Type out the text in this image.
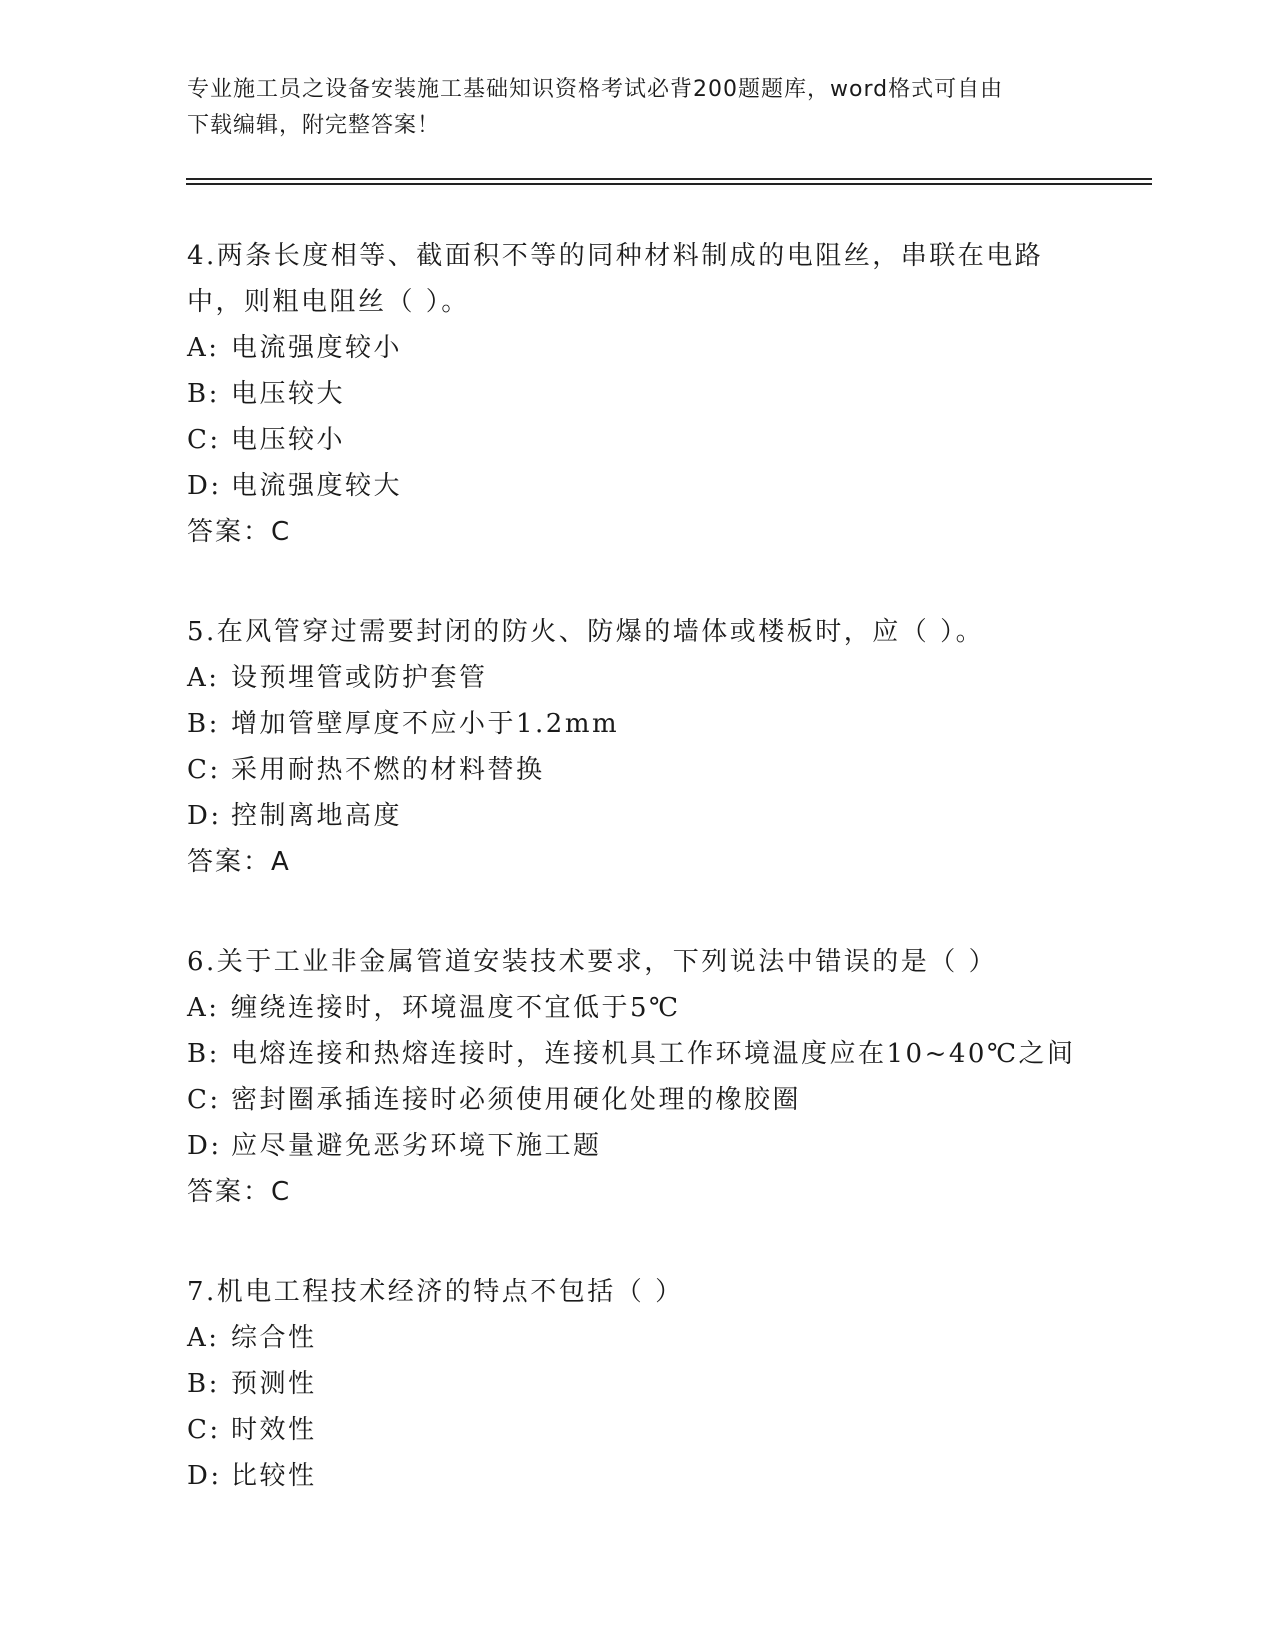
专业施工员之设备安装施工基础知识资格考试必背200题题库，word格式可自由
下载编辑，附完整答案！
4.两条长度相等、截面积不等的同种材料制成的电阻丝，串联在电路
中，则粗电阻丝（ ）。
A: 电流强度较小
B: 电压较大
C: 电压较小
D: 电流强度较大
答案：C
5.在风管穿过需要封闭的防火、防爆的墙体或楼板时，应（ ）。
A: 设预埋管或防护套管
B: 增加管壁厚度不应小于1.2mm
C: 采用耐热不燃的材料替换
D: 控制离地高度
答案：A
6.关于工业非金属管道安装技术要求，下列说法中错误的是（ ）
A: 缠绕连接时，环境温度不宜低于5℃
B: 电熔连接和热熔连接时，连接机具工作环境温度应在10~40℃之间
C: 密封圈承插连接时必须使用硬化处理的橡胶圈
D: 应尽量避免恶劣环境下施工题
答案：C
7.机电工程技术经济的特点不包括（ ）
A: 综合性
B: 预测性
C: 时效性
D: 比较性
